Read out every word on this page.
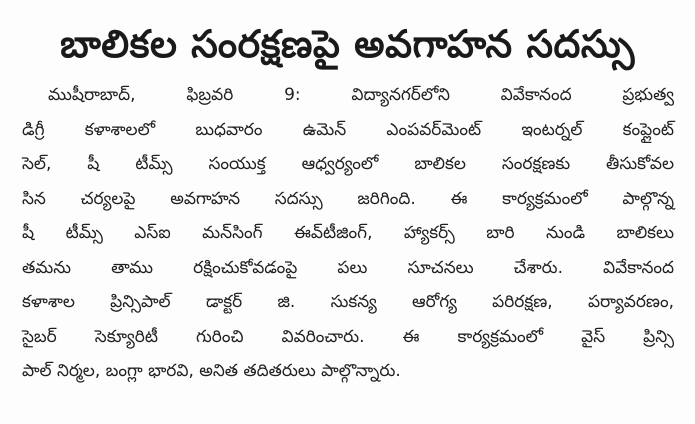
బాలికల సంరక్షణపై అవగాహన సదస్సు
ముషీరాబాద్, ఫిబ్రవరి 9: విద్యానగర్‌లోని వివేకానంద ప్రభుత్వ
డిగ్రీ కళాశాలలో బుధవారం ఉమెన్ ఎంపవర్‌మెంట్ ఇంటర్నల్ కంప్లైంట్
సెల్, షీ టీమ్స్ సంయుక్త ఆధ్వర్యంలో బాలికల సంరక్షణకు తీసుకోవల
సిన చర్యలపై అవగాహన సదస్సు జరిగింది. ఈ కార్యక్రమంలో పాల్గొన్న
షీ టీమ్స్ ఎస్ఐ మన్‌సింగ్ ఈవ్‌టీజింగ్, హ్యాకర్స్ బారి నుండి బాలికలు
తమను తాము రక్షించుకోవడంపై పలు సూచనలు చేశారు. వివేకానంద
కళాశాల ప్రిన్సిపాల్ డాక్టర్ జి. సుకన్య ఆరోగ్య పరిరక్షణ, పర్యావరణం,
సైబర్ సెక్యూరిటీ గురించి వివరించారు. ఈ కార్యక్రమంలో వైస్ ప్రిన్సి
పాల్ నిర్మల, బంగ్లా భారవి, అనిత తదితరులు పాల్గొన్నారు.
